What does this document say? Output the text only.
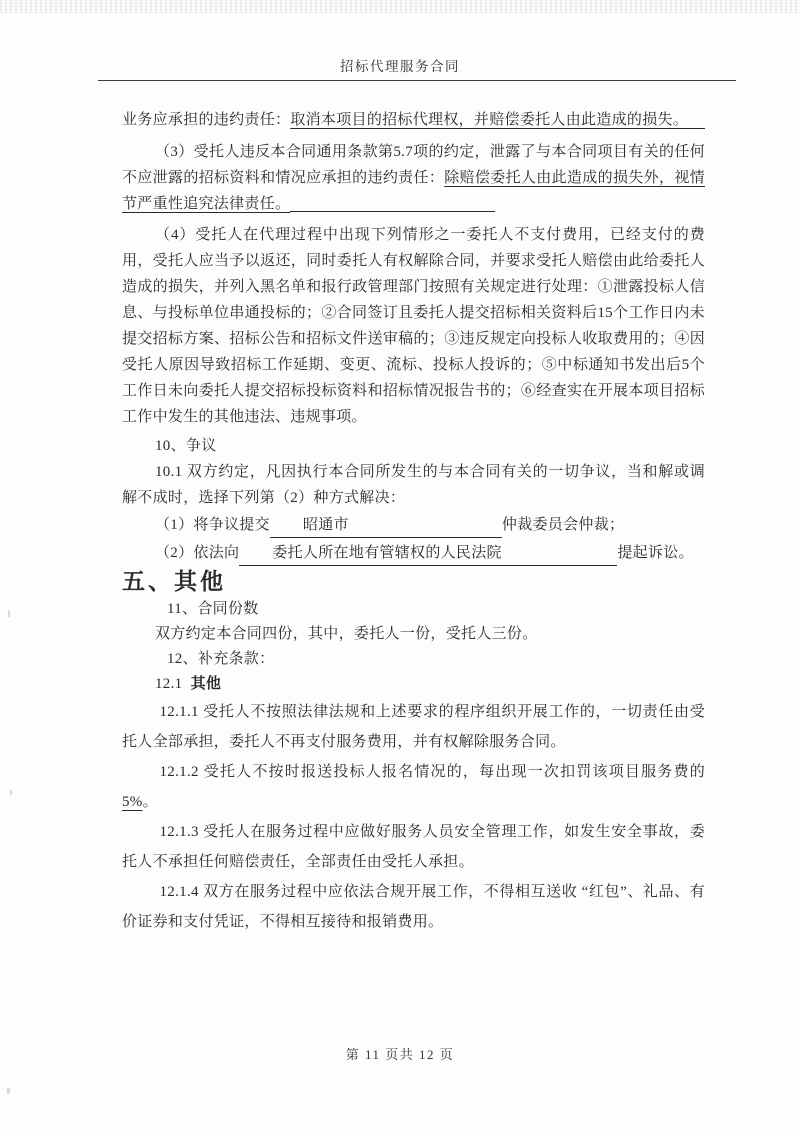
招标代理服务合同

业务应承担的违约责任： 取消本项目的招标代理权，并赔偿委托人由此造成的损失。

（3）受托人违反本合同通用条款第5.7项的约定，泄露了与本合同项目有关的任何不应泄露的招标资料和情况应承担的违约责任：除赔偿委托人由此造成的损失外，视情节严重性追究法律责任。

（4）受托人在代理过程中出现下列情形之一委托人不支付费用，已经支付的费用，受托人应当予以返还，同时委托人有权解除合同，并要求受托人赔偿由此给委托人造成的损失，并列入黑名单和报行政管理部门按照有关规定进行处理：①泄露投标人信息、与投标单位串通投标的；②合同签订且委托人提交招标相关资料后15个工作日内未提交招标方案、招标公告和招标文件送审稿的；③违反规定向投标人收取费用的；④因受托人原因导致招标工作延期、变更、流标、投标人投诉的；⑤中标通知书发出后5个工作日未向委托人提交招标投标资料和招标情况报告书的；⑥经查实在开展本项目招标工作中发生的其他违法、违规事项。

10、争议

10.1 双方约定，凡因执行本合同所发生的与本合同有关的一切争议，当和解或调解不成时，选择下列第（2）种方式解决：

（1）将争议提交 昭通市	仲裁委员会仲裁；

（2）依法向 委托人所在地有管辖权的人民法院	提起诉讼。

五、其他

11、合同份数

双方约定本合同四份，其中，委托人一份，受托人三份。

12、补充条款：

12.1 其他

12.1.1 受托人不按照法律法规和上述要求的程序组织开展工作的，一切责任由受托人全部承担，委托人不再支付服务费用，并有权解除服务合同。

12.1.2 受托人不按时报送投标人报名情况的，每出现一次扣罚该项目服务费的 5%。

12.1.3 受托人在服务过程中应做好服务人员安全管理工作，如发生安全事故，委托人不承担任何赔偿责任，全部责任由受托人承担。

12.1.4 双方在服务过程中应依法合规开展工作，不得相互送收 “红包”、礼品、有价证券和支付凭证，不得相互接待和报销费用。

第 11 页共 12 页
